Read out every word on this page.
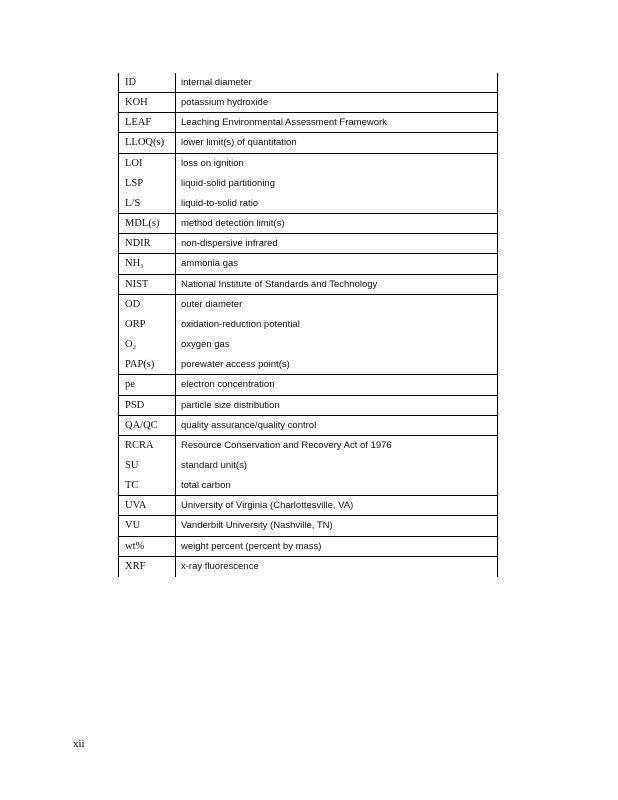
ID	internal diameter
KOH	potassium hydroxide
LEAF	Leaching Environmental Assessment Framework
LLOQ(s)	lower limit(s) of quantitation
LOI	loss on ignition
LSP	liquid-solid partitioning
L/S	liquid-to-solid ratio
MDL(s)	method detection limit(s)
NDIR	non-dispersive infrared
NH₃	ammonia gas
NIST	National Institute of Standards and Technology
OD	outer diameter
ORP	oxidation-reduction potential
O₂	oxygen gas
PAP(s)	porewater access point(s)
pe	electron concentration
PSD	particle size distribution
QA/QC	quality assurance/quality control
RCRA	Resource Conservation and Recovery Act of 1976
SU	standard unit(s)
TC	total carbon
UVA	University of Virginia (Charlottesville, VA)
VU	Vanderbilt University (Nashville, TN)
wt%	weight percent (percent by mass)
XRF	x-ray fluorescence
xii
